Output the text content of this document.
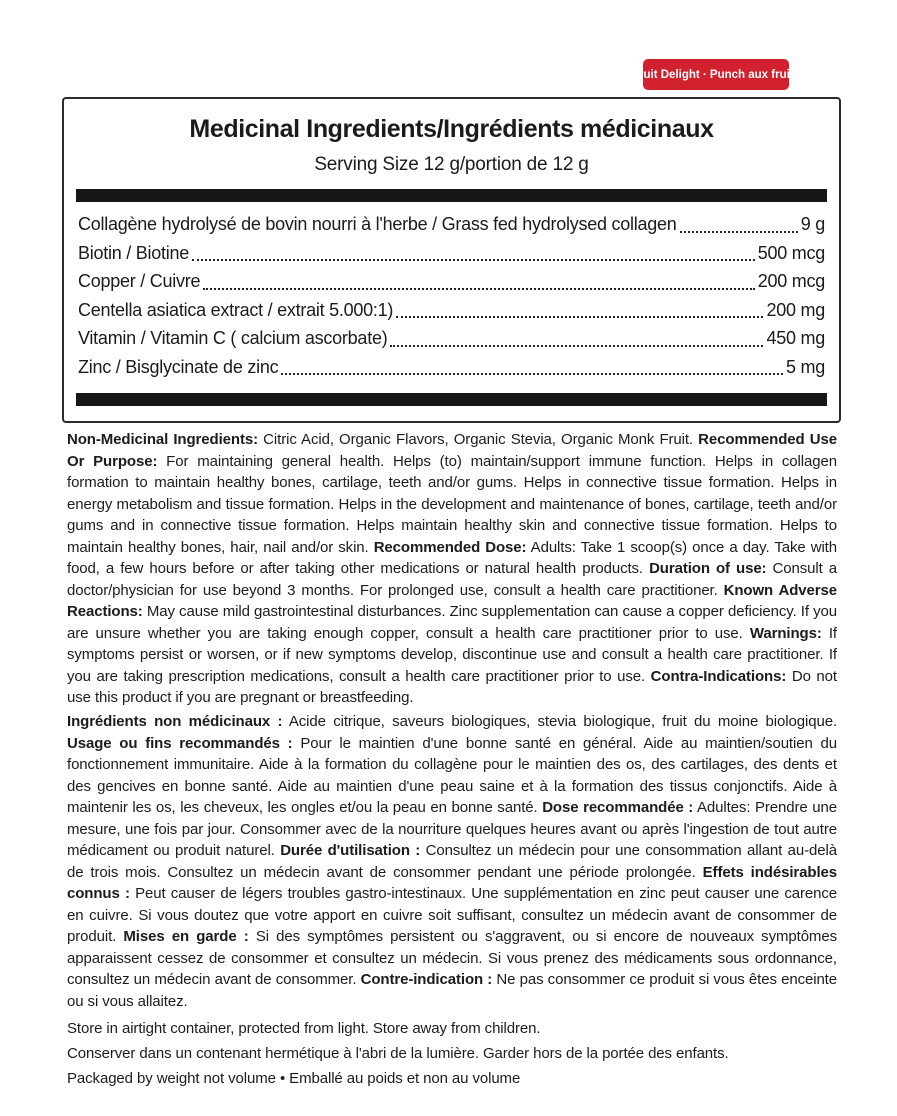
Fruit Delight · Punch aux fruits
Medicinal Ingredients/Ingrédients médicinaux
Serving Size 12 g/portion de 12 g
Collagène hydrolysé de bovin nourri à l'herbe / Grass fed hydrolysed collagen	9 g
Biotin / Biotine	500 mcg
Copper / Cuivre	200 mcg
Centella asiatica extract / extrait 5.000:1)	200 mg
Vitamin / Vitamin C ( calcium ascorbate)	450 mg
Zinc / Bisglycinate de zinc	5 mg
Non-Medicinal Ingredients: Citric Acid, Organic Flavors, Organic Stevia, Organic Monk Fruit. Recommended Use Or Purpose: For maintaining general health. Helps (to) maintain/support immune function. Helps in collagen formation to maintain healthy bones, cartilage, teeth and/or gums. Helps in connective tissue formation. Helps in energy metabolism and tissue formation. Helps in the development and maintenance of bones, cartilage, teeth and/or gums and in connective tissue formation. Helps maintain healthy skin and connective tissue formation. Helps to maintain healthy bones, hair, nail and/or skin. Recommended Dose: Adults: Take 1 scoop(s) once a day. Take with food, a few hours before or after taking other medications or natural health products. Duration of use: Consult a doctor/physician for use beyond 3 months. For prolonged use, consult a health care practitioner. Known Adverse Reactions: May cause mild gastrointestinal disturbances. Zinc supplementation can cause a copper deficiency. If you are unsure whether you are taking enough copper, consult a health care practitioner prior to use. Warnings: If symptoms persist or worsen, or if new symptoms develop, discontinue use and consult a health care practitioner. If you are taking prescription medications, consult a health care practitioner prior to use. Contra-Indications: Do not use this product if you are pregnant or breastfeeding.
Ingrédients non médicinaux : Acide citrique, saveurs biologiques, stevia biologique, fruit du moine biologique. Usage ou fins recommandés : Pour le maintien d'une bonne santé en général. Aide au maintien/soutien du fonctionnement immunitaire. Aide à la formation du collagène pour le maintien des os, des cartilages, des dents et des gencives en bonne santé. Aide au maintien d'une peau saine et à la formation des tissus conjonctifs. Aide à maintenir les os, les cheveux, les ongles et/ou la peau en bonne santé. Dose recommandée : Adultes: Prendre une mesure, une fois par jour. Consommer avec de la nourriture quelques heures avant ou après l'ingestion de tout autre médicament ou produit naturel. Durée d'utilisation : Consultez un médecin pour une consommation allant au-delà de trois mois. Consultez un médecin avant de consommer pendant une période prolongée. Effets indésirables connus : Peut causer de légers troubles gastro-intestinaux. Une supplémentation en zinc peut causer une carence en cuivre. Si vous doutez que votre apport en cuivre soit suffisant, consultez un médecin avant de consommer de produit. Mises en garde : Si des symptômes persistent ou s'aggravent, ou si encore de nouveaux symptômes apparaissent cessez de consommer et consultez un médecin. Si vous prenez des médicaments sous ordonnance, consultez un médecin avant de consommer. Contre-indication : Ne pas consommer ce produit si vous êtes enceinte ou si vous allaitez.
Store in airtight container, protected from light. Store away from children.
Conserver dans un contenant hermétique à l'abri de la lumière. Garder hors de la portée des enfants.
Packaged by weight not volume • Emballé au poids et non au volume
